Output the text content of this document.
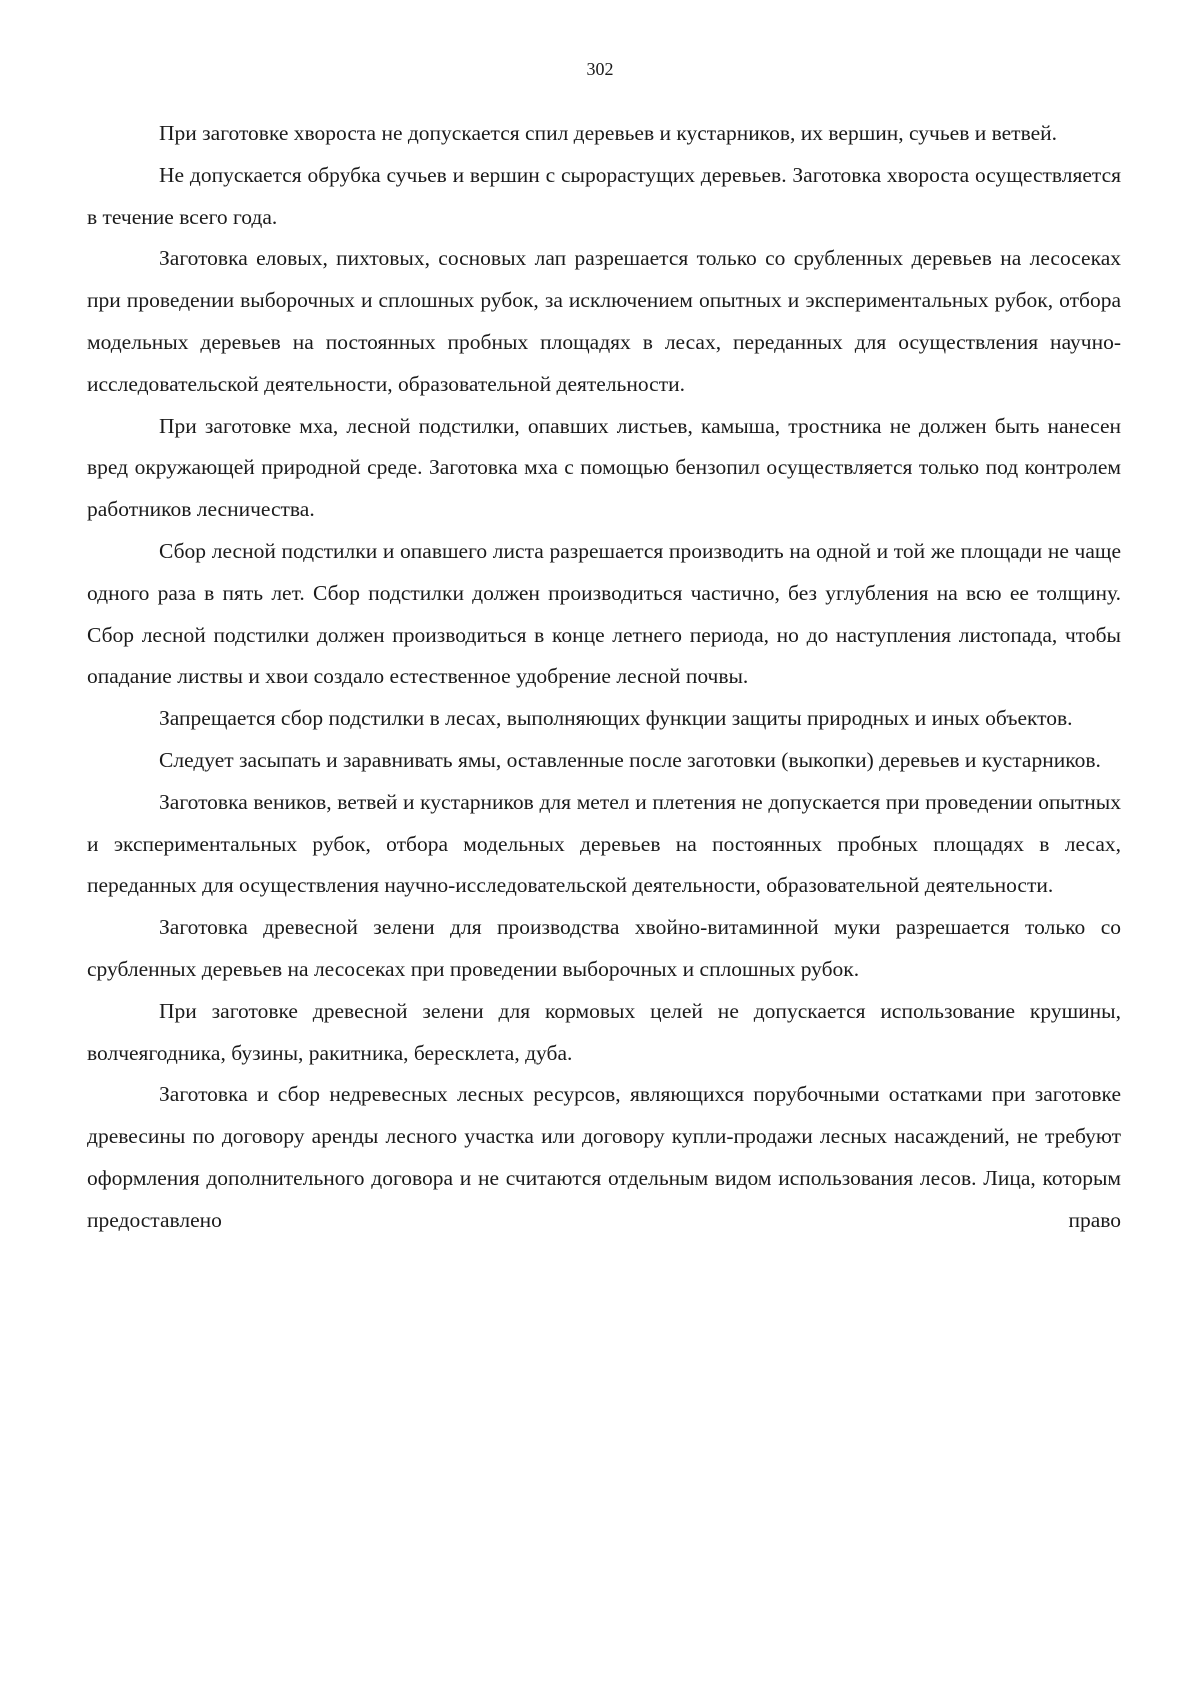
302

При заготовке хвороста не допускается спил деревьев и кустарников, их вершин, сучьев и ветвей.

Не допускается обрубка сучьев и вершин с сырорастущих деревьев. Заготовка хвороста осуществляется в течение всего года.

Заготовка еловых, пихтовых, сосновых лап разрешается только со срубленных деревьев на лесосеках при проведении выборочных и сплошных рубок, за исключением опытных и экспериментальных рубок, отбора модельных деревьев на постоянных пробных площадях в лесах, переданных для осуществления научно-исследовательской деятельности, образовательной деятельности.

При заготовке мха, лесной подстилки, опавших листьев, камыша, тростника не должен быть нанесен вред окружающей природной среде. Заготовка мха с помощью бензопил осуществляется только под контролем работников лесничества.

Сбор лесной подстилки и опавшего листа разрешается производить на одной и той же площади не чаще одного раза в пять лет. Сбор подстилки должен производиться частично, без углубления на всю ее толщину. Сбор лесной подстилки должен производиться в конце летнего периода, но до наступления листопада, чтобы опадание листвы и хвои создало естественное удобрение лесной почвы.

Запрещается сбор подстилки в лесах, выполняющих функции защиты природных и иных объектов.

Следует засыпать и заравнивать ямы, оставленные после заготовки (выкопки) деревьев и кустарников.

Заготовка веников, ветвей и кустарников для метел и плетения не допускается при проведении опытных и экспериментальных рубок, отбора модельных деревьев на постоянных пробных площадях в лесах, переданных для осуществления научно-исследовательской деятельности, образовательной деятельности.

Заготовка древесной зелени для производства хвойно-витаминной муки разрешается только со срубленных деревьев на лесосеках при проведении выборочных и сплошных рубок.

При заготовке древесной зелени для кормовых целей не допускается использование крушины, волчеягодника, бузины, ракитника, бересклета, дуба.

Заготовка и сбор недревесных лесных ресурсов, являющихся порубочными остатками при заготовке древесины по договору аренды лесного участка или договору купли-продажи лесных насаждений, не требуют оформления дополнительного договора и не считаются отдельным видом использования лесов. Лица, которым предоставлено право
